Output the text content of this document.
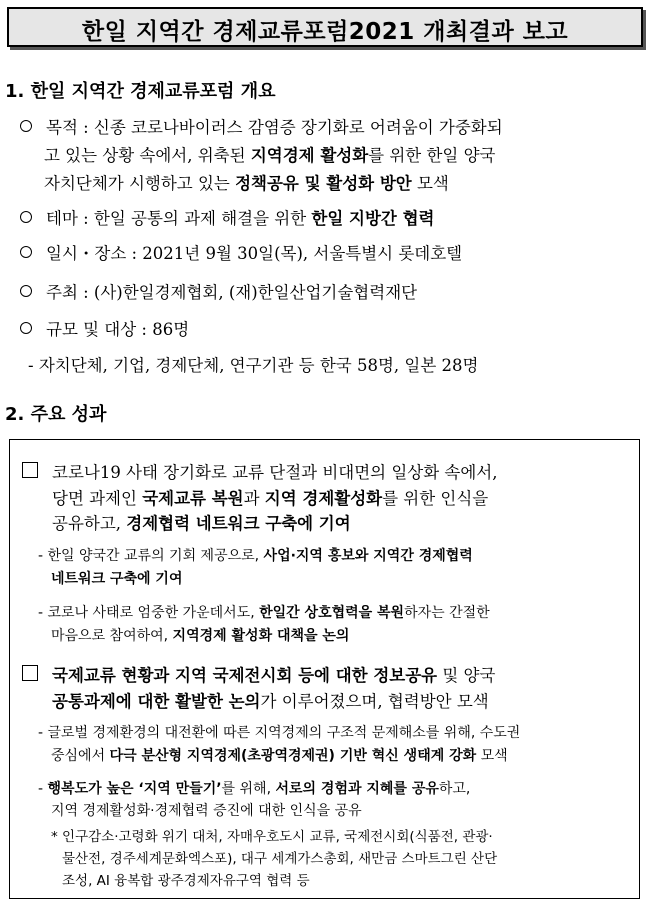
한일 지역간 경제교류포럼2021 개최결과 보고
1. 한일 지역간 경제교류포럼 개요
목적 : 신종 코로나바이러스 감염증 장기화로 어려움이 가중화되
고 있는 상황 속에서, 위축된 지역경제 활성화를 위한 한일 양국
자치단체가 시행하고 있는 정책공유 및 활성화 방안 모색
테마 : 한일 공통의 과제 해결을 위한 한일 지방간 협력
일시・장소 : 2021년 9월 30일(목), 서울특별시 롯데호텔
주최 : (사)한일경제협회, (재)한일산업기술협력재단
규모 및 대상 : 86명
- 자치단체, 기업, 경제단체, 연구기관 등 한국 58명, 일본 28명
2. 주요 성과
코로나19 사태 장기화로 교류 단절과 비대면의 일상화 속에서,
당면 과제인 국제교류 복원과 지역 경제활성화를 위한 인식을
공유하고, 경제협력 네트워크 구축에 기여
- 한일 양국간 교류의 기회 제공으로, 사업·지역 홍보와 지역간 경제협력
네트워크 구축에 기여
- 코로나 사태로 엄중한 가운데서도, 한일간 상호협력을 복원하자는 간절한
마음으로 참여하여, 지역경제 활성화 대책을 논의
국제교류 현황과 지역 국제전시회 등에 대한 정보공유 및 양국
공통과제에 대한 활발한 논의가 이루어졌으며, 협력방안 모색
- 글로벌 경제환경의 대전환에 따른 지역경제의 구조적 문제해소를 위해, 수도권
중심에서 다극 분산형 지역경제(초광역경제권) 기반 혁신 생태계 강화 모색
- 행복도가 높은 ‘지역 만들기’를 위해, 서로의 경험과 지혜를 공유하고,
지역 경제활성화·경제협력 증진에 대한 인식을 공유
* 인구감소·고령화 위기 대처, 자매우호도시 교류, 국제전시회(식품전, 관광·
물산전, 경주세계문화엑스포), 대구 세계가스총회, 새만금 스마트그린 산단
조성, AI 융복합 광주경제자유구역 협력 등
